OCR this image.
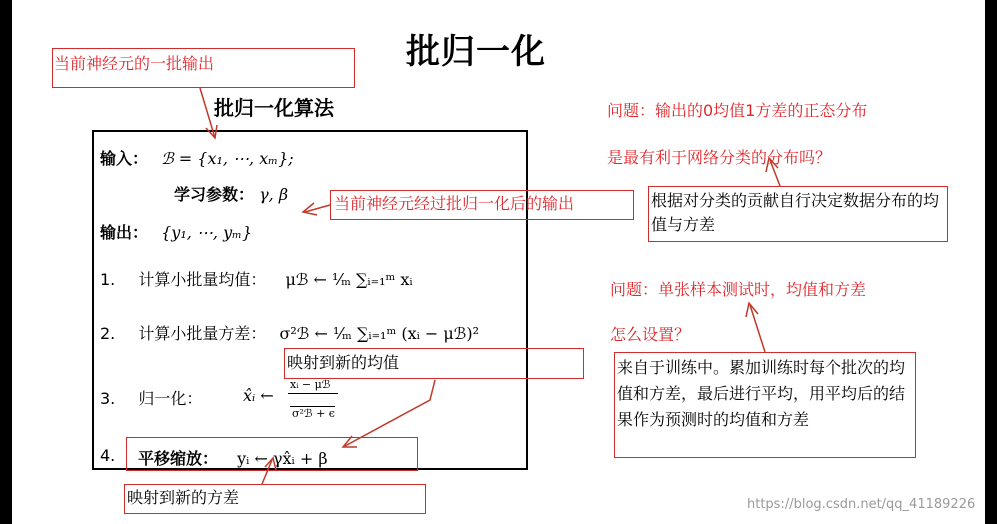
批归一化
批归一化算法
输入： ℬ = {x₁, ⋯, xₘ};
学习参数： γ, β
输出： {y₁, ⋯, yₘ}
1. 计算小批量均值： μℬ ← ¹⁄ₘ ∑ᵢ₌₁ᵐ xᵢ
2. 计算小批量方差： σ²ℬ ← ¹⁄ₘ ∑ᵢ₌₁ᵐ (xᵢ − μℬ)²
3. 归一化：	x̂ᵢ ←
xᵢ − μℬ
σ²ℬ + ϵ
4. 平移缩放： yᵢ ← γx̂ᵢ + β
当前神经元的一批输出
当前神经元经过批归一化后的输出
映射到新的均值
映射到新的方差
根据对分类的贡献自行决定数据分布的均值与方差
来自于训练中。累加训练时每个批次的均值和方差，最后进行平均，用平均后的结果作为预测时的均值和方差
问题：输出的0均值1方差的正态分布
是最有利于网络分类的分布吗？
问题：单张样本测试时，均值和方差
怎么设置？
https://blog.csdn.net/qq_41189226
